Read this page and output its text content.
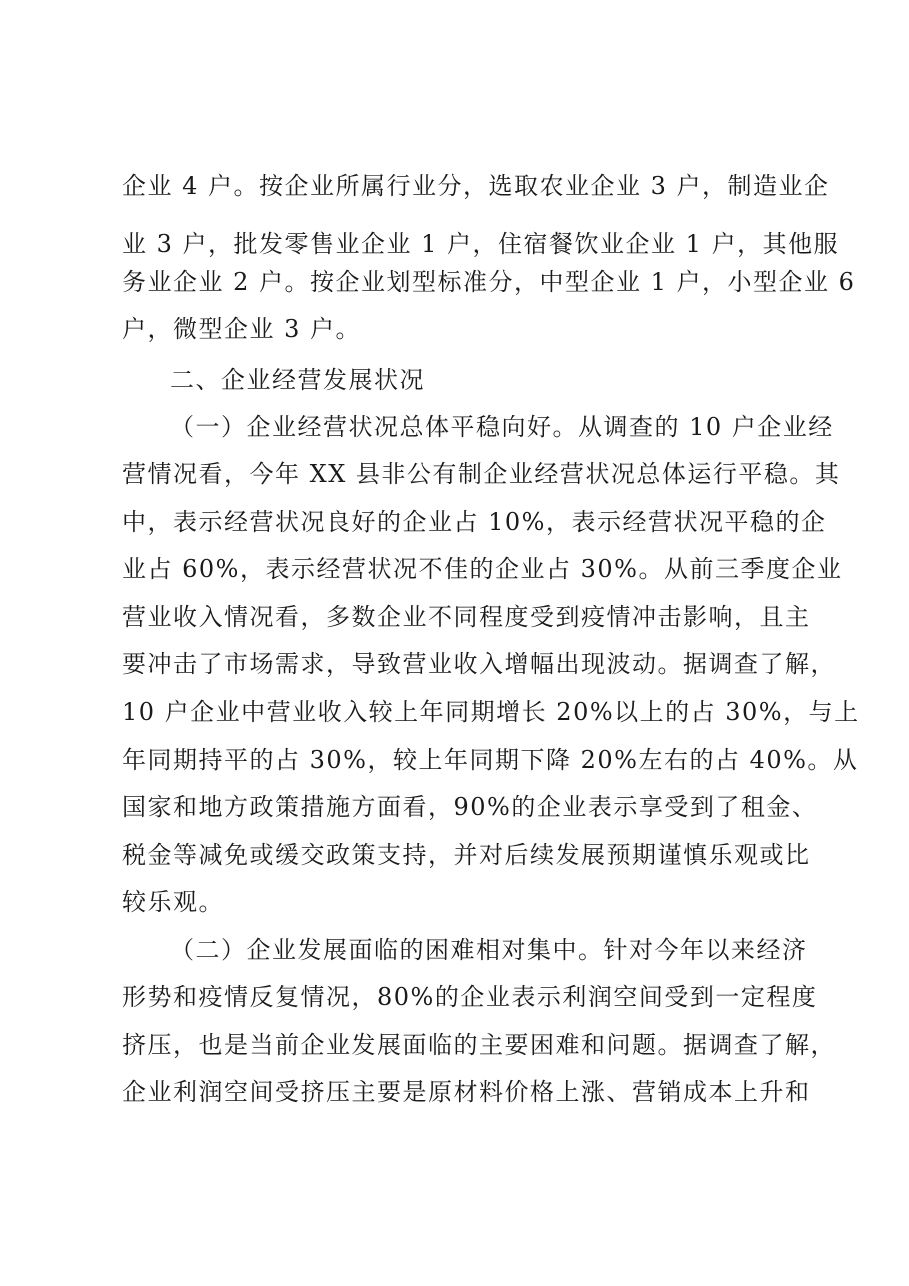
企业 4 户。按企业所属行业分，选取农业企业 3 户，制造业企
业 3 户，批发零售业企业 1 户，住宿餐饮业企业 1 户，其他服
务业企业 2 户。按企业划型标准分，中型企业 1 户，小型企业 6
户，微型企业 3 户。
二、企业经营发展状况
（一）企业经营状况总体平稳向好。从调查的 10 户企业经
营情况看，今年 XX 县非公有制企业经营状况总体运行平稳。其
中，表示经营状况良好的企业占 10%，表示经营状况平稳的企
业占 60%，表示经营状况不佳的企业占 30%。从前三季度企业
营业收入情况看，多数企业不同程度受到疫情冲击影响，且主
要冲击了市场需求，导致营业收入增幅出现波动。据调查了解，
10 户企业中营业收入较上年同期增长 20%以上的占 30%，与上
年同期持平的占 30%，较上年同期下降 20%左右的占 40%。从
国家和地方政策措施方面看，90%的企业表示享受到了租金、
税金等减免或缓交政策支持，并对后续发展预期谨慎乐观或比
较乐观。
（二）企业发展面临的困难相对集中。针对今年以来经济
形势和疫情反复情况，80%的企业表示利润空间受到一定程度
挤压，也是当前企业发展面临的主要困难和问题。据调查了解，
企业利润空间受挤压主要是原材料价格上涨、营销成本上升和
